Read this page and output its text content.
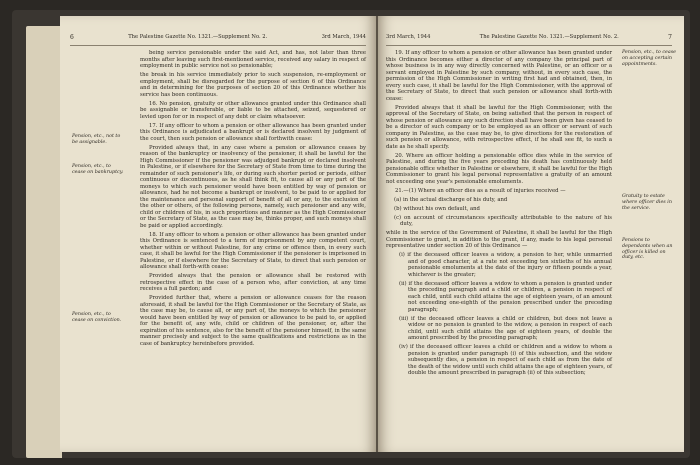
6	The Palestine Gazette No. 1321.—Supplement No. 2.	3rd March, 1944
Pension, etc., not to be assignable.
Pension, etc., to cease on bankruptcy.
Pension, etc., to cease on conviction.

being service pensionable under the said Act, and has, not later than three months after leaving such first-mentioned service, received any salary in respect of employment in public service not so pensionable;

the break in his service immediately prior to such suspension, re-employment or employment, shall be disregarded for the purpose of section 6 of this Ordinance and in determining for the purposes of section 20 of this Ordinance whether his service has been continuous.

16. No pension, gratuity or other allowance granted under this Ordinance shall be assignable or transferable, or liable to be attached, seized, sequestered or levied upon for or in respect of any debt or claim whatsoever.

17. If any officer to whom a pension or other allowance has been granted under this Ordinance is adjudicated a bankrupt or is declared insolvent by judgment of the court, then such pension or allowance shall forthwith cease:

Provided always that, in any case where a pension or allowance ceases by reason of the bankruptcy or insolvency of the pensioner, it shall be lawful for the High Commissioner if the pensioner was adjudged bankrupt or declared insolvent in Palestine, or if elsewhere for the Secretary of State from time to time during the remainder of such pensioner's life, or during such shorter period or periods, either continuous or discontinuous, as he shall think fit, to cause all or any part of the moneys to which such pensioner would have been entitled by way of pension or allowance, had he not become a bankrupt or insolvent, to be paid to or applied for the maintenance and personal support of benefit of all or any, to the exclusion of the other or others, of the following persons, namely, such pensioner and any wife, child or children of his, in such proportions and manner as the High Commissioner or the Secretary of State, as the case may be, thinks proper, and such moneys shall be paid or applied accordingly.

18. If any officer to whom a pension or other allowance has been granted under this Ordinance is sentenced to a term of imprisonment by any competent court, whether within or without Palestine, for any crime or offence then, in every such case, it shall be lawful for the High Commissioner if the pensioner is imprisoned in Palestine, or if elsewhere for the Secretary of State, to direct that such pension or allowance shall forth-with cease:

Provided always that the pension or allowance shall be restored with retrospective effect in the case of a person who, after conviction, at any time receives a full pardon; and

Provided further that, where a pension or allowance ceases for the reason aforesaid, it shall be lawful for the High Commissioner or the Secretary of State, as the case may be, to cause all, or any part of, the moneys to which the pensioner would have been entitled by way of pension or allowance to be paid to, or applied for the benefit of, any wife, child or children of the pensioner, or, after the expiration of his sentence, also for the benefit of the pensioner himself, in the same manner precisely and subject to the same qualifications and restrictions as in the case of bankruptcy hereinbefore provided.

3rd March, 1944	The Palestine Gazette No. 1321.—Supplement No. 2.	7
Pension, etc., to cease on accepting certain appointments.
Gratuity to estate where officer dies in the service.
Pensions to dependants when an officer is killed on duty, etc.

19. If any officer to whom a pension or other allowance has been granted under this Ordinance becomes either a director of any company the principal part of whose business is in any way directly concerned with Palestine, or an officer or a servant employed in Palestine by such company, without, in every such case, the permission of the High Commissioner in writing first had and obtained, then, in every such case, it shall be lawful for the High Commissioner, with the approval of the Secretary of State, to direct that such pension or allowance shall forth-with cease:

Provided always that it shall be lawful for the High Commissioner, with the approval of the Secretary of State, on being satisfied that the person in respect of whose pension or allowance any such direction shall have been given has ceased to be a director of such company or to be employed as an officer or servant of such company in Palestine, as the case may be, to give directions for the restoration of such pension or allowance, with retrospective effect, if he shall see fit, to such a date as he shall specify.

20. Where an officer holding a pensionable office dies while in the service of Palestine, and during the five years preceding his death has continuously held pensionable office whether in Palestine or elsewhere, it shall be lawful for the High Commissioner to grant his legal personal representative a gratuity of an amount not exceeding one year's pensionable emoluments.

21.—(1) Where an officer dies as a result of injuries received —

(a) in the actual discharge of his duty, and

(b) without his own default, and

(c) on account of circumstances specifically attributable to the nature of his duty,

while in the service of the Government of Palestine, it shall be lawful for the High Commissioner to grant, in addition to the grant, if any, made to his legal personal representative under section 20 of this Ordinance —

(i) if the deceased officer leaves a widow, a pension to her, while unmarried and of good character, at a rate not exceeding ten sixtieths of his annual pensionable emoluments at the date of the injury or fifteen pounds a year, whichever is the greater;

(ii) if the deceased officer leaves a widow to whom a pension is granted under the preceding paragraph and a child or children, a pension in respect of each child, until such child attains the age of eighteen years, of an amount not exceeding one-eighth of the pension prescribed under the preceding paragraph;

(iii) if the deceased officer leaves a child or children, but does not leave a widow or no pension is granted to the widow, a pension in respect of each child, until such child attains the age of eighteen years, of double the amount prescribed by the preceding paragraph;

(iv) if the deceased officer leaves a child or children and a widow to whom a pension is granted under paragraph (i) of this subsection, and the widow subsequently dies, a pension in respect of each child as from the date of the death of the widow until such child attains the age of eighteen years, of double the amount prescribed in paragraph (ii) of this subsection;
